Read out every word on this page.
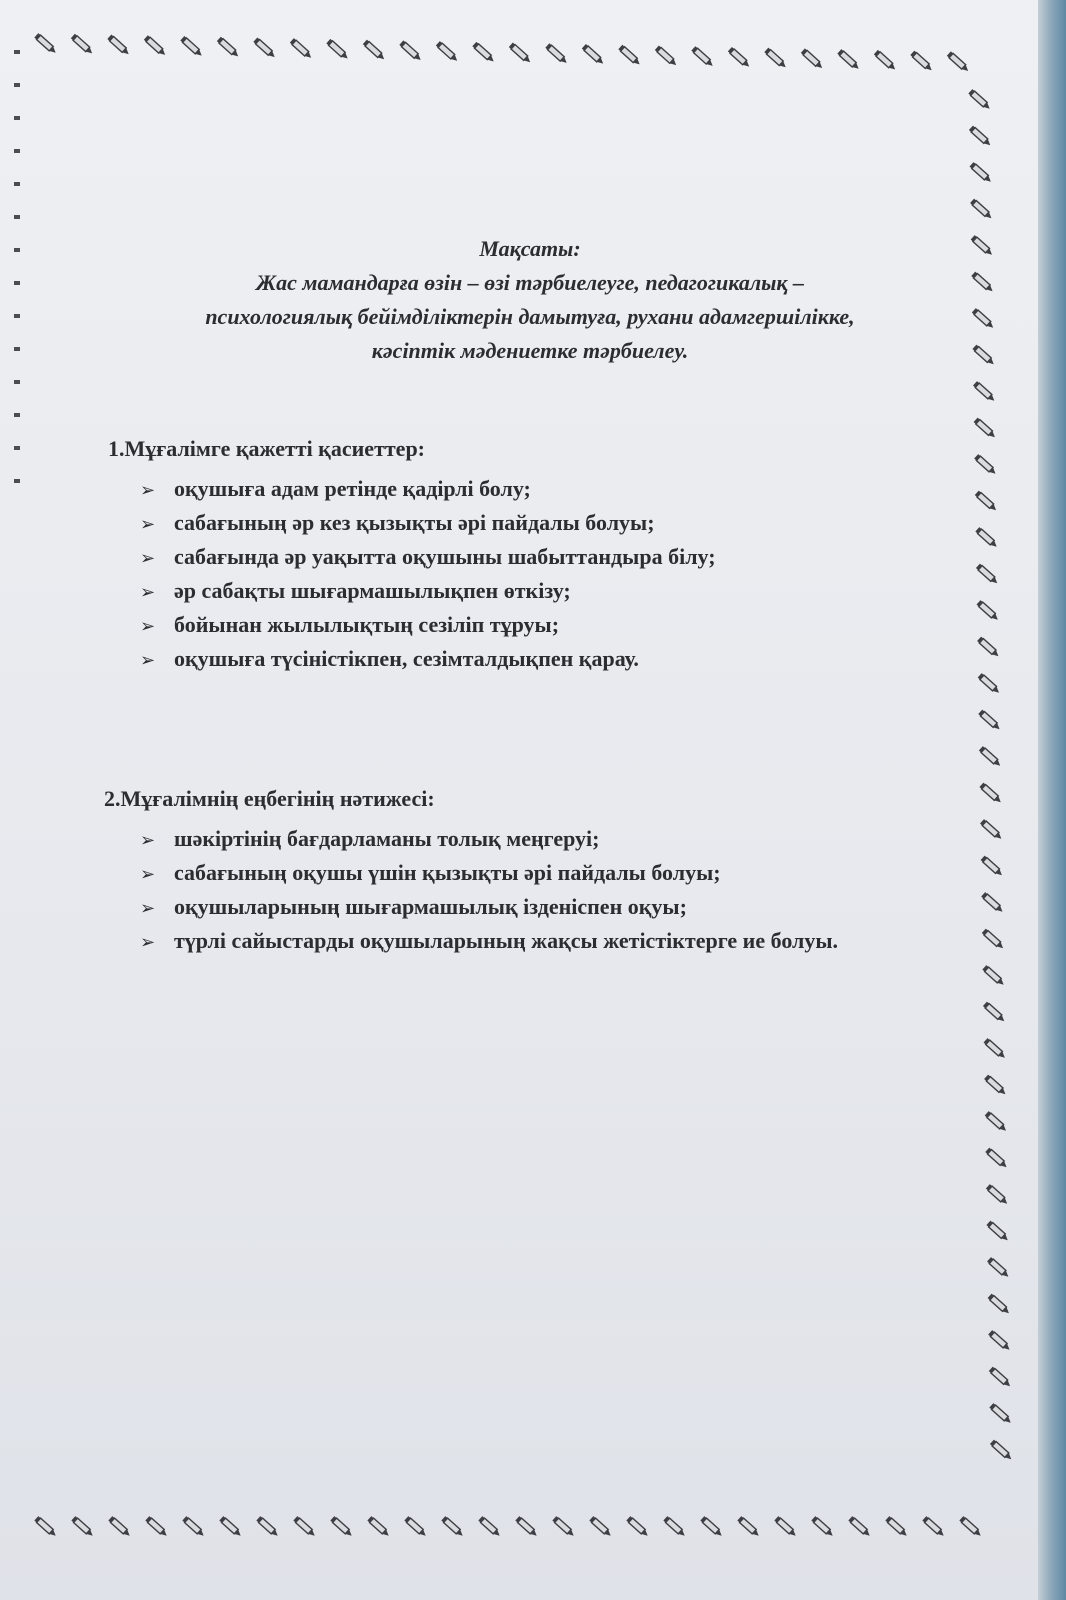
Мақсаты:
Жас мамандарға өзін – өзі тәрбиелеуге, педагогикалық –
психологиялық бейімділіктерін дамытуға, рухани адамгершілікке,
кәсіптік мәдениетке тәрбиелеу.
1.Мұғалімге қажетті қасиеттер:
➢ оқушыға адам ретінде қадірлі болу;
➢ сабағының әр кез қызықты әрі пайдалы болуы;
➢ сабағында әр уақытта оқушыны шабыттандыра білу;
➢ әр сабақты шығармашылықпен өткізу;
➢ бойынан жылылықтың сезіліп тұруы;
➢ оқушыға түсіністікпен, сезімталдықпен қарау.
2.Мұғалімнің еңбегінің нәтижесі:
➢ шәкіртінің бағдарламаны толық меңгеруі;
➢ сабағының оқушы үшін қызықты әрі пайдалы болуы;
➢ оқушыларының шығармашылық ізденіспен оқуы;
➢ түрлі сайыстарды оқушыларының жақсы жетістіктерге ие болуы.
